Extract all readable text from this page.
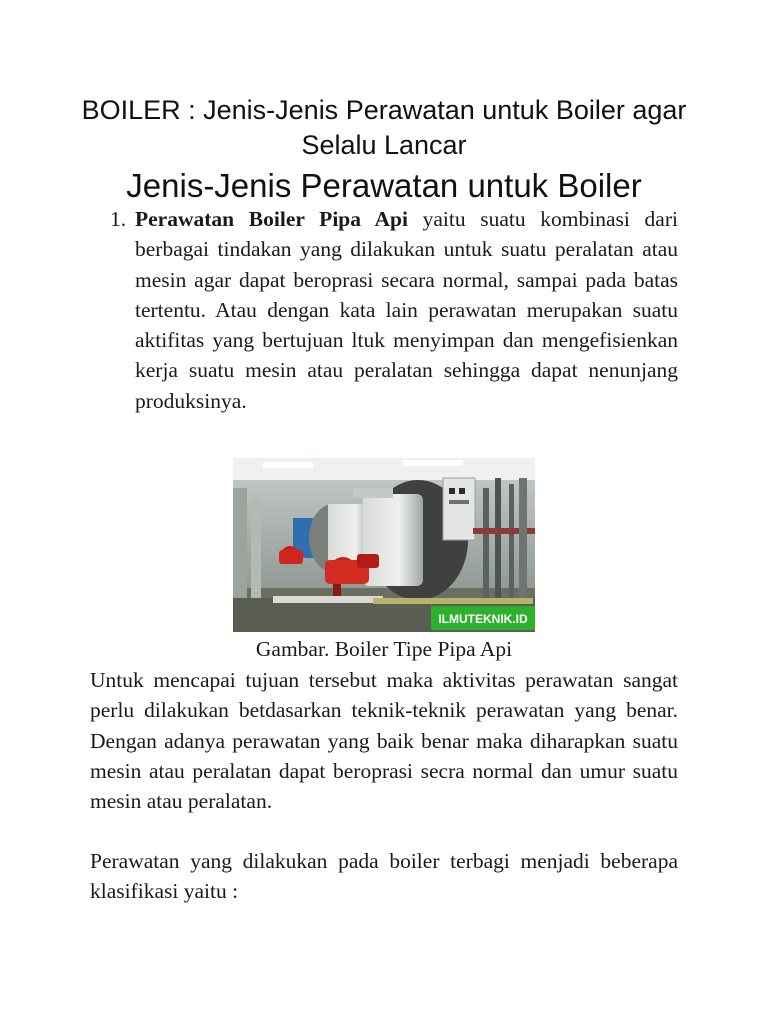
BOILER : Jenis-Jenis Perawatan untuk Boiler agar Selalu Lancar
Jenis-Jenis Perawatan untuk Boiler
1. Perawatan Boiler Pipa Api yaitu suatu kombinasi dari berbagai tindakan yang dilakukan untuk suatu peralatan atau mesin agar dapat beroprasi secara normal, sampai pada batas tertentu. Atau dengan kata lain perawatan merupakan suatu aktifitas yang bertujuan ltuk menyimpan dan mengefisienkan kerja suatu mesin atau peralatan sehingga dapat nenunjang produksinya.
ILMUTEKNIK.ID
Gambar. Boiler Tipe Pipa Api
Untuk mencapai tujuan tersebut maka aktivitas perawatan sangat perlu dilakukan betdasarkan teknik-teknik perawatan yang benar. Dengan adanya perawatan yang baik benar maka diharapkan suatu mesin atau peralatan dapat beroprasi secra normal dan umur suatu mesin atau peralatan.
Perawatan yang dilakukan pada boiler terbagi menjadi beberapa klasifikasi yaitu :
